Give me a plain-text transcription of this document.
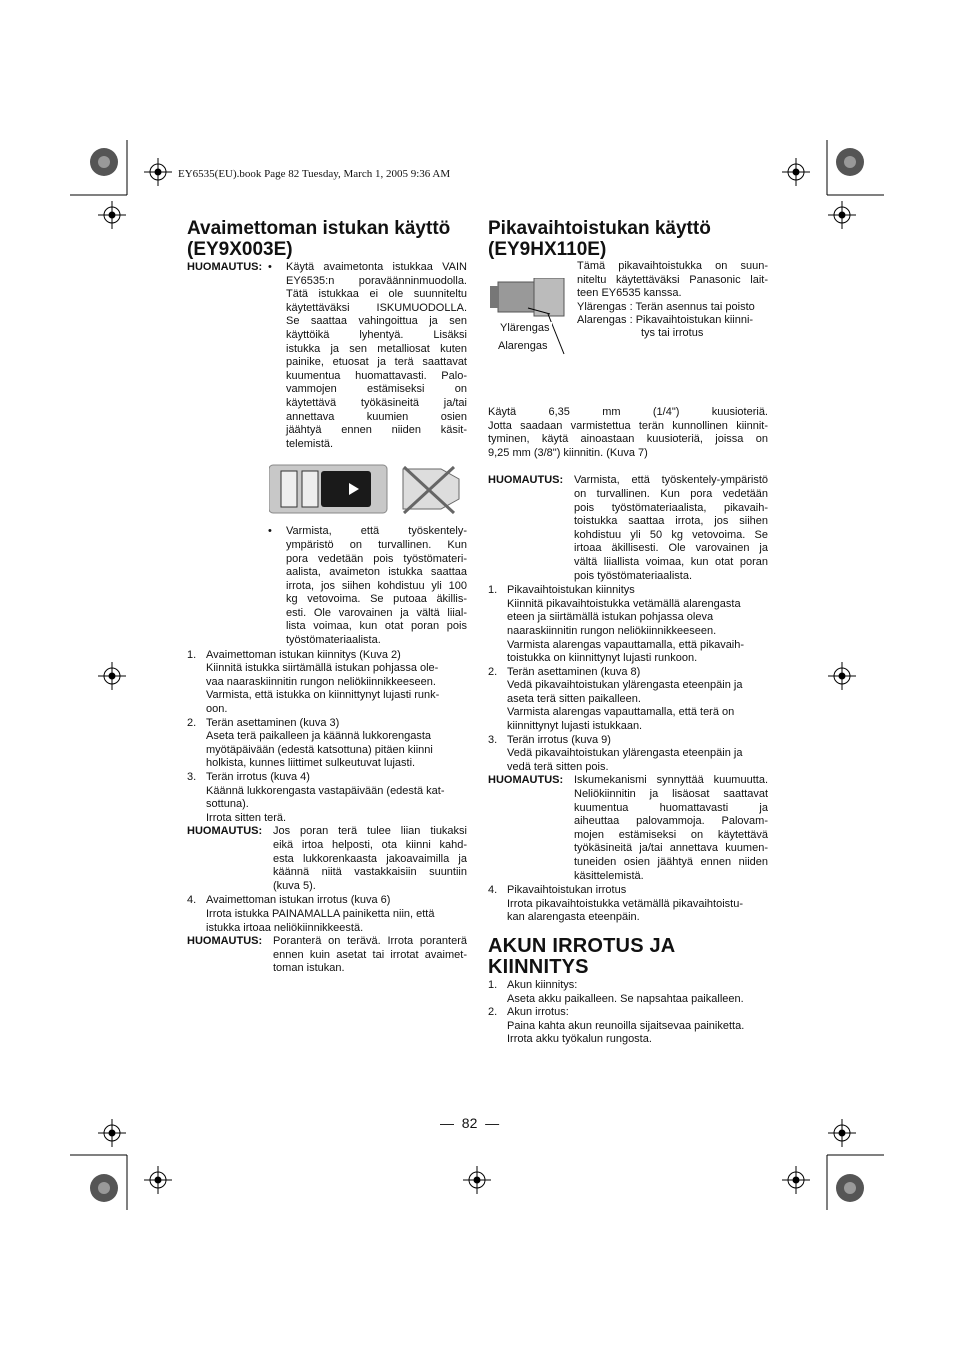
EY6535(EU).book Page 82 Tuesday, March 1, 2005 9:36 AM
Avaimettoman istukan käyttö
(EY9X003E)
HUOMAUTUS: •	Käytä avaimetonta istukkaa VAIN
EY6535:n poraväänninmuodolla.
Tätä istukkaa ei ole suunniteltu
käytettäväksi ISKUMUODOLLA.
Se saattaa vahingoittua ja sen
käyttöikä lyhentyä. Lisäksi
istukka ja sen metalliosat kuten
painike, etuosat ja terä saattavat
kuumentua huomattavasti. Palo-
vammojen estämiseksi on
käytettävä työkäsineitä ja/tai
annettava kuumien osien
jäähtyä ennen niiden käsit-
telemistä.
•	Varmista, että työskentely-
ympäristö on turvallinen. Kun
pora vedetään pois työstömateri-
aalista, avaimeton istukka saattaa
irrota, jos siihen kohdistuu yli 100
kg vetovoima. Se putoaa äkillis-
esti. Ole varovainen ja vältä liial-
lista voimaa, kun otat poran pois
työstömateriaalista.
1. Avaimettoman istukan kiinnitys (Kuva 2)
Kiinnitä istukka siirtämällä istukan pohjassa ole-
vaa naaraskiinnitin rungon neliökiinnikkeeseen.
Varmista, että istukka on kiinnittynyt lujasti runk-
oon.
2. Terän asettaminen (kuva 3)
Aseta terä paikalleen ja käännä lukkorengasta
myötäpäivään (edestä katsottuna) pitäen kiinni
holkista, kunnes liittimet sulkeutuvat lujasti.
3. Terän irrotus (kuva 4)
Käännä lukkorengasta vastapäivään (edestä kat-
sottuna).
Irrota sitten terä.
HUOMAUTUS: Jos poran terä tulee liian tiukaksi
eikä irtoa helposti, ota kiinni kahd-
esta lukkorenkaasta jakoavaimilla ja
käännä niitä vastakkaisiin suuntiin
(kuva 5).
4. Avaimettoman istukan irrotus (kuva 6)
Irrota istukka PAINAMALLA painiketta niin, että
istukka irtoaa neliökiinnikkeestä.
HUOMAUTUS: Poranterä on terävä. Irrota poranterä
ennen kuin asetat tai irrotat avaimet-
toman istukan.
Pikavaihtoistukan käyttö
(EY9HX110E)
Ylärengas
Alarengas
Tämä pikavaihtoistukka on suun-
niteltu käytettäväksi Panasonic lait-
teen EY6535 kanssa.
Ylärengas : Terän asennus tai poisto
Alarengas : Pikavaihtoistukan kiinni-
tys tai irrotus
Käytä 6,35 mm (1/4") kuusioteriä.
Jotta saadaan varmistettua terän kunnollinen kiinnit-
tyminen, käytä ainoastaan kuusioteriä, joissa on
9,25 mm (3/8") kiinnitin. (Kuva 7)
HUOMAUTUS: Varmista, että työskentely-ympäristö
on turvallinen. Kun pora vedetään
pois työstömateriaalista, pikavaih-
toistukka saattaa irrota, jos siihen
kohdistuu yli 50 kg vetovoima. Se
irtoaa äkillisesti. Ole varovainen ja
vältä liiallista voimaa, kun otat poran
pois työstömateriaalista.
1. Pikavaihtoistukan kiinnitys
Kiinnitä pikavaihtoistukka vetämällä alarengasta
eteen ja siirtämällä istukan pohjassa oleva
naaraskiinnitin rungon neliökiinnikkeeseen.
Varmista alarengas vapauttamalla, että pikavaih-
toistukka on kiinnittynyt lujasti runkoon.
2. Terän asettaminen (kuva 8)
Vedä pikavaihtoistukan ylärengasta eteenpäin ja
aseta terä sitten paikalleen.
Varmista alarengas vapauttamalla, että terä on
kiinnittynyt lujasti istukkaan.
3. Terän irrotus (kuva 9)
Vedä pikavaihtoistukan ylärengasta eteenpäin ja
vedä terä sitten pois.
HUOMAUTUS: Iskumekanismi synnyttää kuumuutta.
Neliökiinnitin ja lisäosat saattavat
kuumentua huomattavasti ja
aiheuttaa palovammoja. Palovam-
mojen estämiseksi on käytettävä
työkäsineitä ja/tai annettava kuumen-
tuneiden osien jäähtyä ennen niiden
käsittelemistä.
4. Pikavaihtoistukan irrotus
Irrota pikavaihtoistukka vetämällä pikavaihtoistu-
kan alarengasta eteenpäin.
AKUN IRROTUS JA KIINNITYS
1. Akun kiinnitys:
Aseta akku paikalleen. Se napsahtaa paikalleen.
2. Akun irrotus:
Paina kahta akun reunoilla sijaitsevaa painiketta.
Irrota akku työkalun rungosta.
— 82 —
